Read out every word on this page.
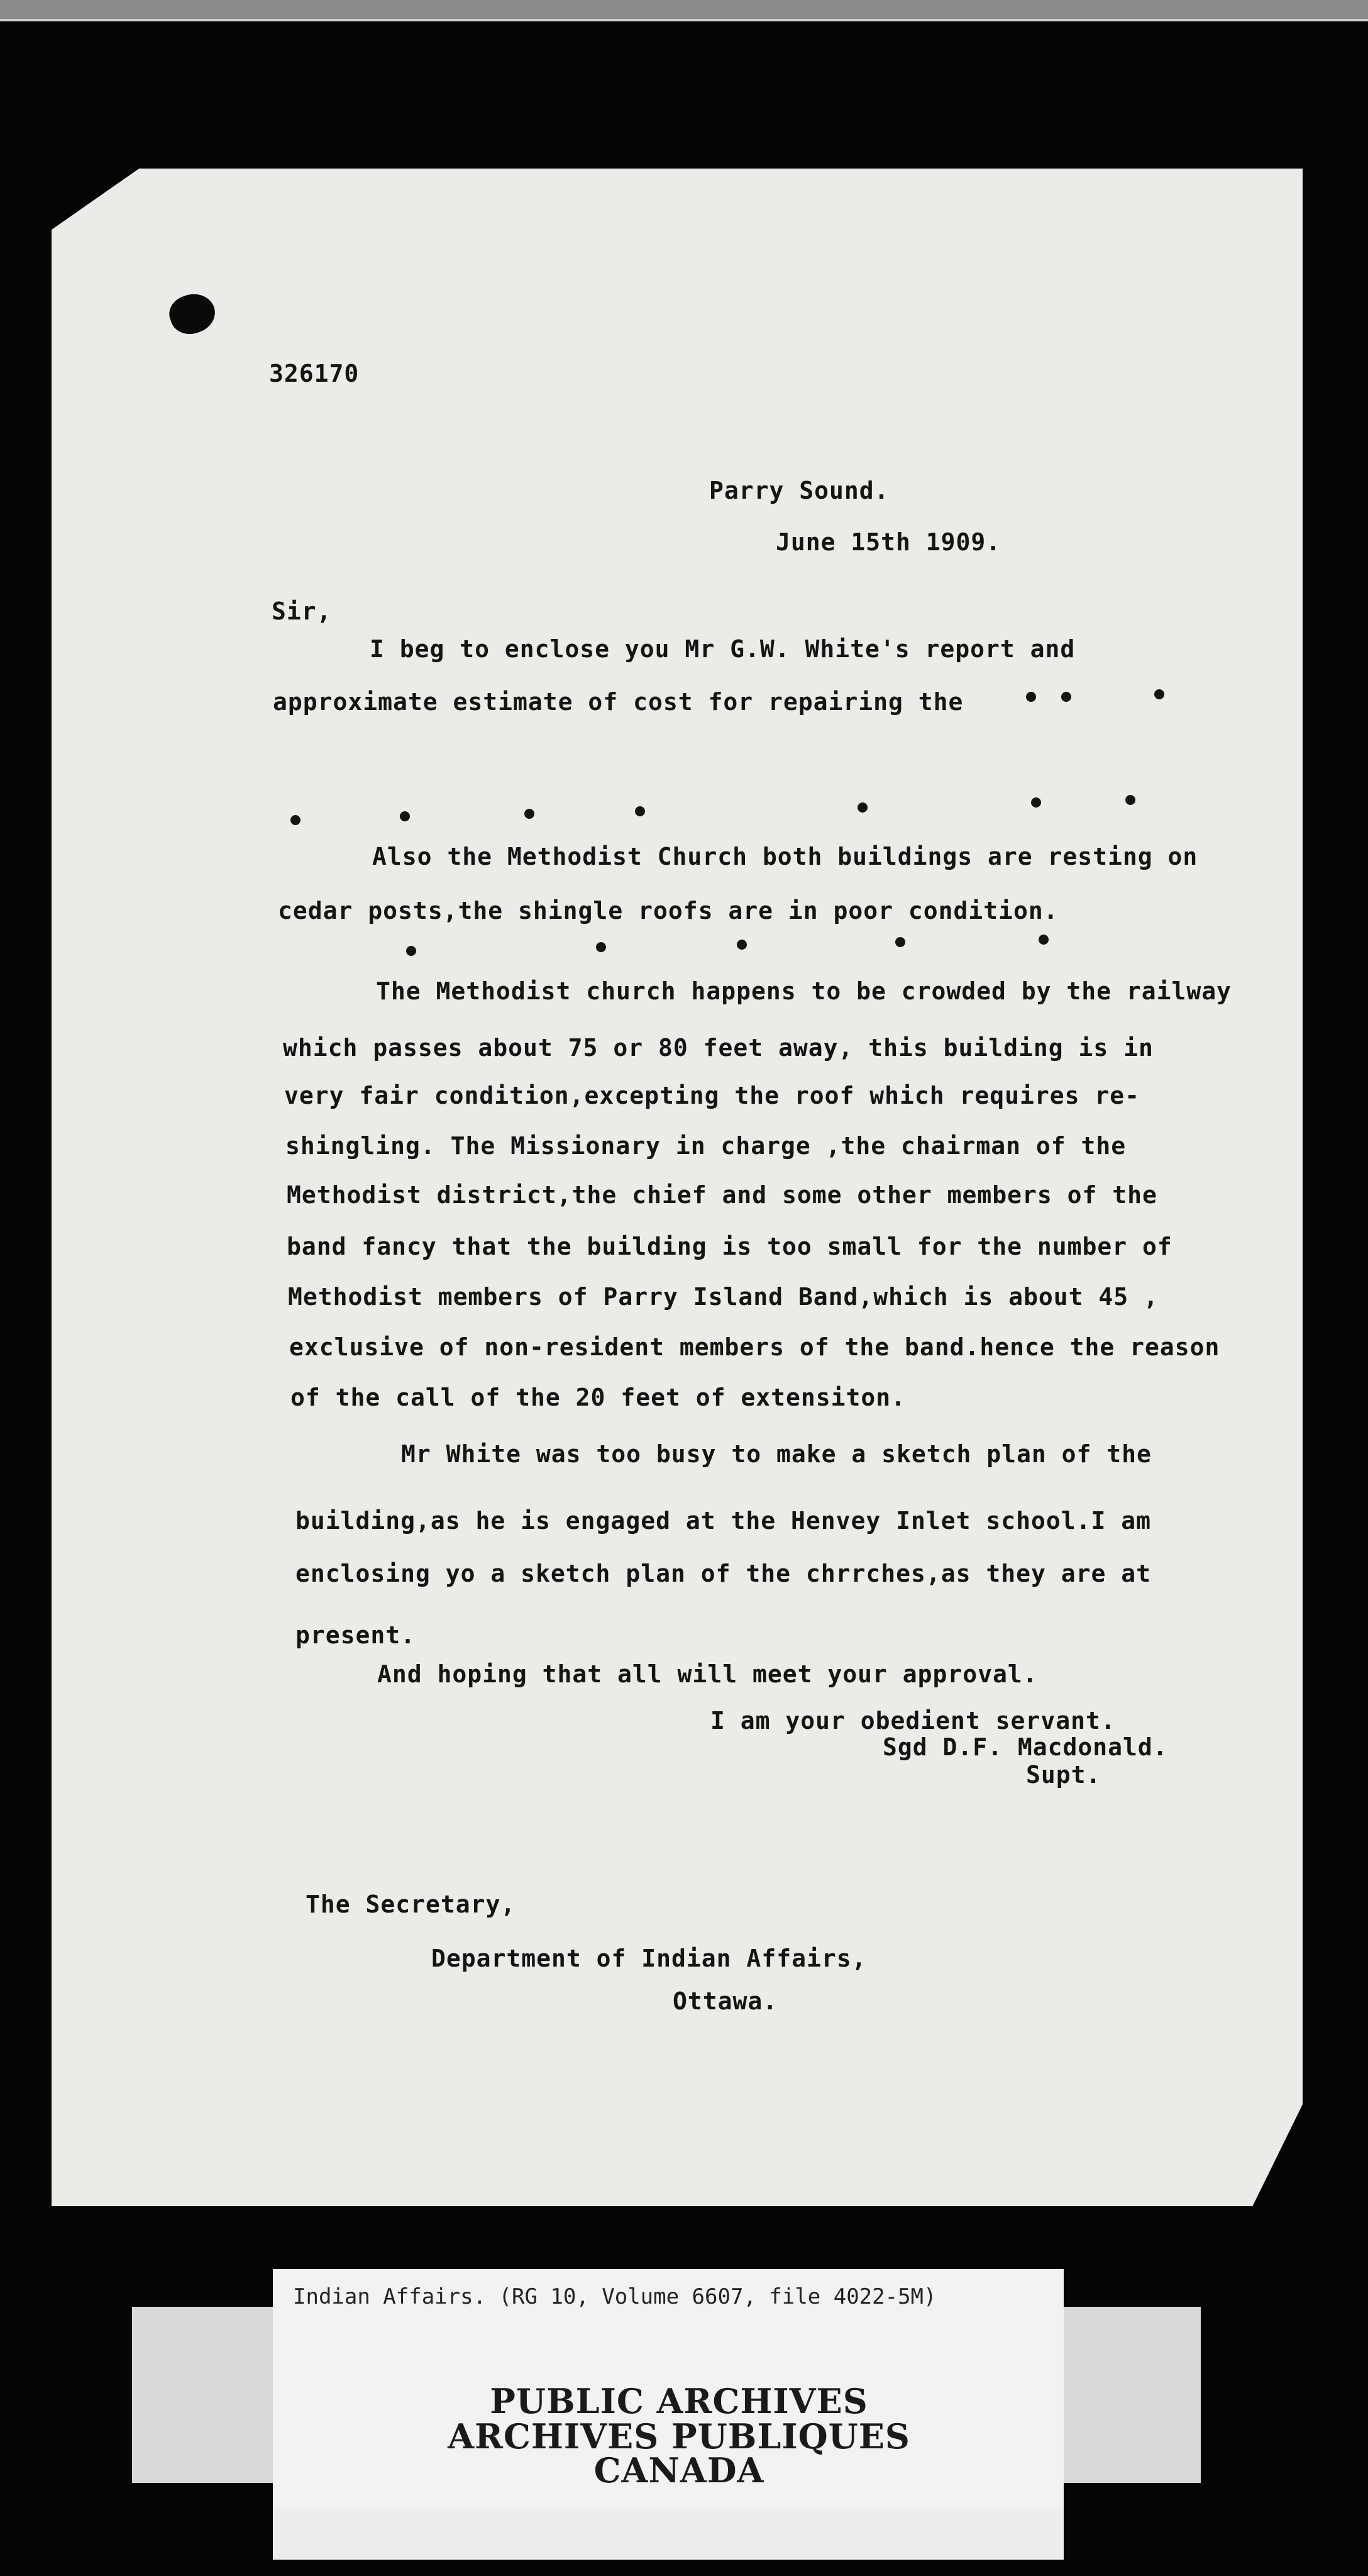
326170
Parry Sound.
June 15th 1909.
Sir,
I beg to enclose you Mr G.W. White's report and
approximate estimate of cost for repairing the
Also the Methodist Church both buildings are resting on
cedar posts,the shingle roofs are in poor condition.
The Methodist church happens to be crowded by the railway
which passes about 75 or 80 feet away, this building is in
very fair condition,excepting the roof which requires re-
shingling. The Missionary in charge ,the chairman of the
Methodist district,the chief and some other members of the
band fancy that the building is too small for the number of
Methodist members of Parry Island Band,which is about 45 ,
exclusive of non-resident members of the band.hence the reason
of the call of the 20 feet of extensiton.
Mr White was too busy to make a sketch plan of the
building,as he is engaged at the Henvey Inlet school.I am
enclosing yo a sketch plan of the chrrches,as they are at
present.
And hoping that all will meet your approval.
I am your obedient servant.
Sgd D.F. Macdonald.
Supt.
The Secretary,
Department of Indian Affairs,
Ottawa.
Indian Affairs. (RG 10, Volume 6607, file 4022-5M)
PUBLIC ARCHIVES
ARCHIVES PUBLIQUES
CANADA
